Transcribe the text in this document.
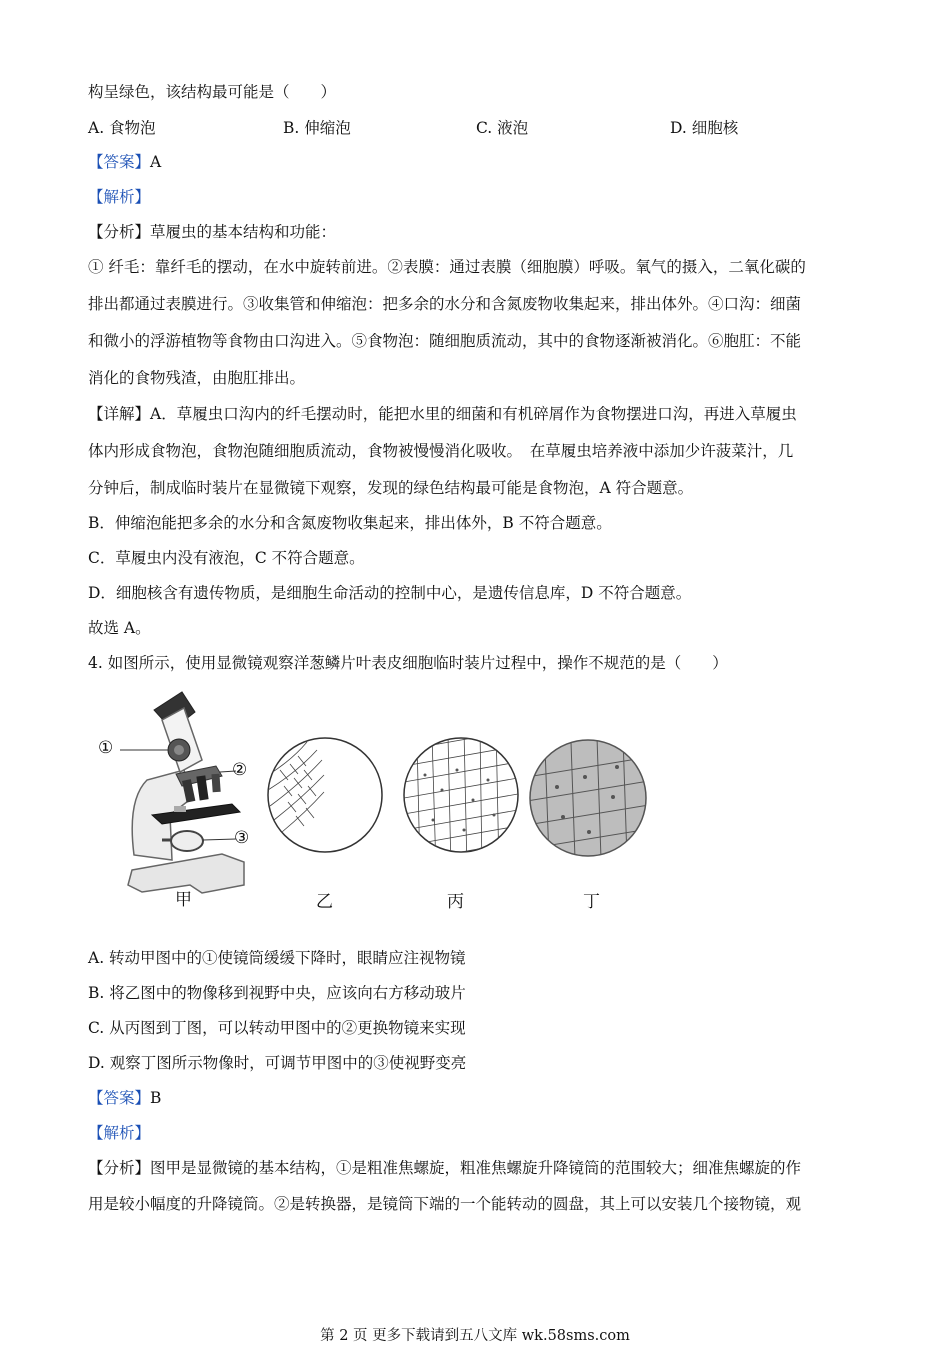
构呈绿色，该结构最可能是（　　）
A. 食物泡	B. 伸缩泡	C. 液泡	D. 细胞核
【答案】A
【解析】
【分析】草履虫的基本结构和功能：
① 纤毛：靠纤毛的摆动，在水中旋转前进。②表膜：通过表膜（细胞膜）呼吸。氧气的摄入，二氧化碳的
排出都通过表膜进行。③收集管和伸缩泡：把多余的水分和含氮废物收集起来，排出体外。④口沟：细菌
和微小的浮游植物等食物由口沟进入。⑤食物泡：随细胞质流动，其中的食物逐渐被消化。⑥胞肛：不能
消化的食物残渣，由胞肛排出。
【详解】A．草履虫口沟内的纤毛摆动时，能把水里的细菌和有机碎屑作为食物摆进口沟，再进入草履虫
体内形成食物泡，食物泡随细胞质流动，食物被慢慢消化吸收。　在草履虫培养液中添加少许菠菜汁，几
分钟后，制成临时装片在显微镜下观察，发现的绿色结构最可能是食物泡，A 符合题意。
B．伸缩泡能把多余的水分和含氮废物收集起来，排出体外，B 不符合题意。
C．草履虫内没有液泡，C 不符合题意。
D．细胞核含有遗传物质，是细胞生命活动的控制中心，是遗传信息库，D 不符合题意。
故选 A。
4. 如图所示，使用显微镜观察洋葱鳞片叶表皮细胞临时装片过程中，操作不规范的是（　　）
①
②
③
甲	乙	丙	丁
A. 转动甲图中的①使镜筒缓缓下降时，眼睛应注视物镜
B. 将乙图中的物像移到视野中央，应该向右方移动玻片
C. 从丙图到丁图，可以转动甲图中的②更换物镜来实现
D. 观察丁图所示物像时，可调节甲图中的③使视野变亮
【答案】B
【解析】
【分析】图甲是显微镜的基本结构，①是粗准焦螺旋，粗准焦螺旋升降镜筒的范围较大；细准焦螺旋的作
用是较小幅度的升降镜筒。②是转换器，是镜筒下端的一个能转动的圆盘，其上可以安装几个接物镜，观
第 2 页 更多下载请到五八文库 wk.58sms.com
